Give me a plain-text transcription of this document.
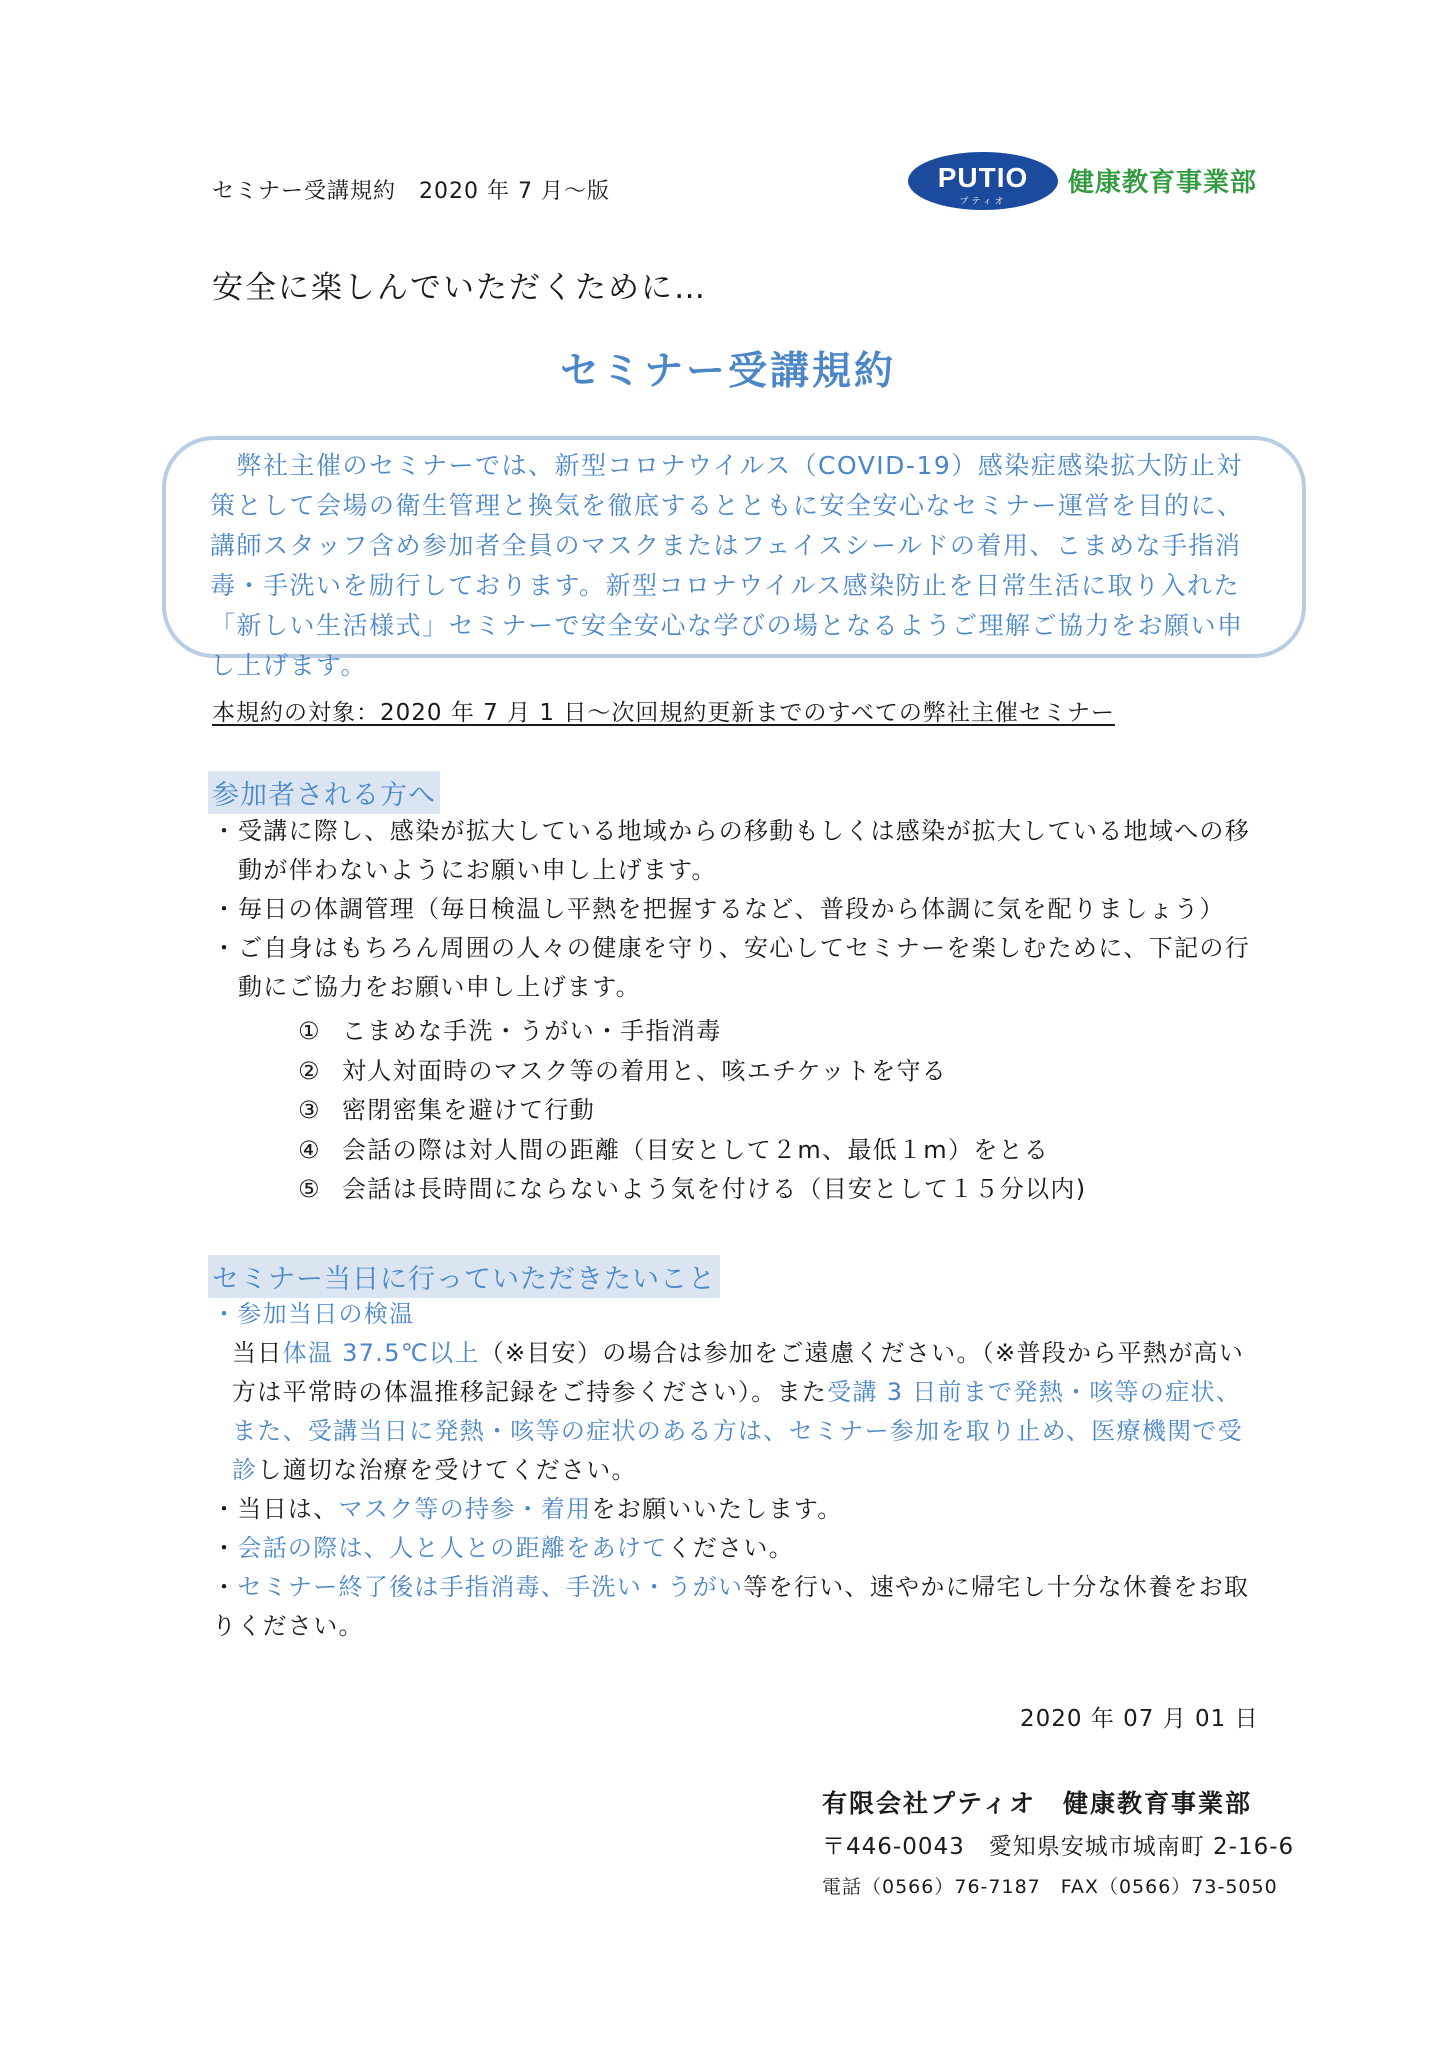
セミナー受講規約　2020 年 7 月～版	PUTIO
プティオ
健康教育事業部
安全に楽しんでいただくために…
セミナー受講規約
　弊社主催のセミナーでは、新型コロナウイルス（COVID-19）感染症感染拡大防止対策として会場の衛生管理と換気を徹底するとともに安全安心なセミナー運営を目的に、講師スタッフ含め参加者全員のマスクまたはフェイスシールドの着用、こまめな手指消毒・手洗いを励行しております。新型コロナウイルス感染防止を日常生活に取り入れた「新しい生活様式」セミナーで安全安心な学びの場となるようご理解ご協力をお願い申し上げます。
本規約の対象：2020 年 7 月 1 日～次回規約更新までのすべての弊社主催セミナー
参加者される方へ
・ 受講に際し、感染が拡大している地域からの移動もしくは感染が拡大している地域への移動が伴わないようにお願い申し上げます。
・ 毎日の体調管理（毎日検温し平熱を把握するなど、普段から体調に気を配りましょう）
・ ご自身はもちろん周囲の人々の健康を守り、安心してセミナーを楽しむために、下記の行動にご協力をお願い申し上げます。
① こまめな手洗・うがい・手指消毒
② 対人対面時のマスク等の着用と、咳エチケットを守る
③ 密閉密集を避けて行動
④ 会話の際は対人間の距離（目安として２m、最低１m）をとる
⑤ 会話は長時間にならないよう気を付ける（目安として１５分以内)
セミナー当日に行っていただきたいこと
・参加当日の検温
当日体温 37.5℃以上（※目安）の場合は参加をご遠慮ください。（※普段から平熱が高い方は平常時の体温推移記録をご持参ください）。また受講 3 日前まで発熱・咳等の症状、また、受講当日に発熱・咳等の症状のある方は、セミナー参加を取り止め、医療機関で受診し適切な治療を受けてください。
・当日は、マスク等の持参・着用をお願いいたします。
・会話の際は、人と人との距離をあけてください。
・セミナー終了後は手指消毒、手洗い・うがい等を行い、速やかに帰宅し十分な休養をお取りください。
2020 年 07 月 01 日
有限会社プティオ　健康教育事業部
〒446-0043　愛知県安城市城南町 2-16-6
電話（0566）76-7187　FAX（0566）73-5050
